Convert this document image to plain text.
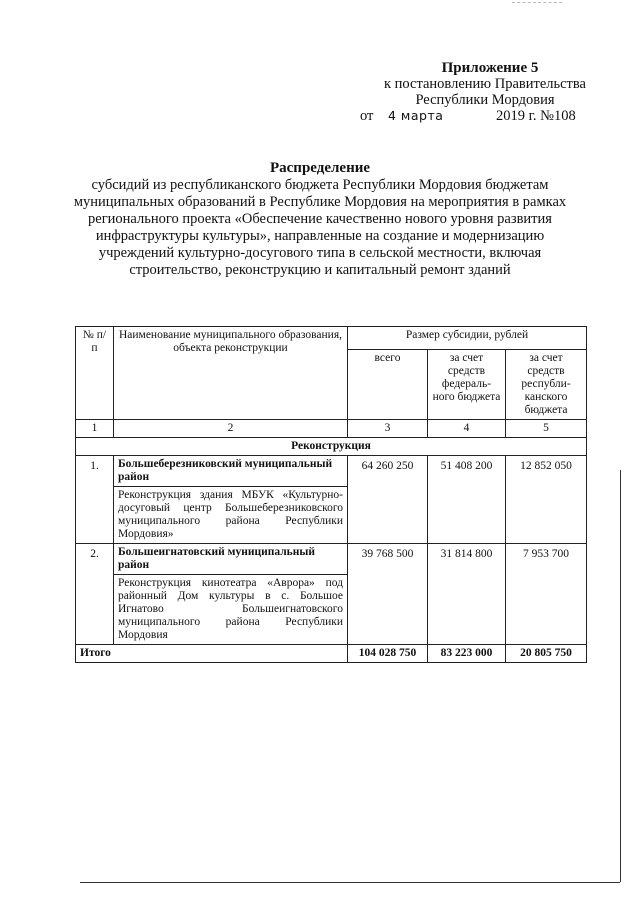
Приложение 5
к постановлению Правительства
Республики Мордовия
от 4 марта	2019 г. №108
Распределение
субсидий из республиканского бюджета Республики Мордовия бюджетам муниципальных образований в Республике Мордовия на мероприятия в рамках регионального проекта «Обеспечение качественно нового уровня развития инфраструктуры культуры», направленные на создание и модернизацию учреждений культурно-досугового типа в сельской местности, включая строительство, реконструкцию и капитальный ремонт зданий
№ п/п	Наименование муниципального образования, объекта реконструкции	Размер субсидии, рублей		
		всего	за счет средств федераль-ного бюджета	за счет средств республи-канского бюджета
1	2	3	4	5
Реконструкция				
1.	Большеберезниковский муниципальный район
Реконструкция здания МБУК «Культурно-досуговый центр Большеберезниковского муниципального района Республики Мордовия»	64 260 250	51 408 200	12 852 050
2.	Большеигнатовский муниципальный район
Реконструкция кинотеатра «Аврора» под районный Дом культуры в с. Большое Игнатово Большеигнатовского муниципального района Республики Мордовия	39 768 500	31 814 800	7 953 700
Итого		104 028 750	83 223 000	20 805 750
